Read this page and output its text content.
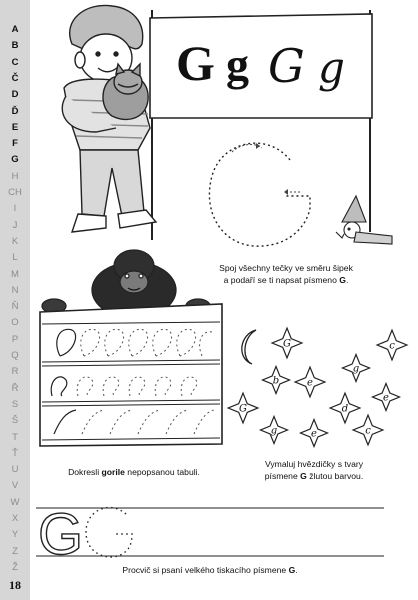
A
B
C
Č
D
Ď
E
F
G
H
CH
I
J
K
L
M
N
Ň
O
P
Q
R
Ř
S
Š
T
Ť
U
V
W
X
Y
Z
Ž
18
G g G g
G	c
b	e
g
G	d
e
c
g	e
G
Spoj všechny tečky ve směru šipek
a podaří se ti napsat písmeno G.
Dokresli gorile nepopsanou tabuli.
Vymaluj hvězdičky s tvary
písmene G žlutou barvou.
Procvič si psaní velkého tiskacího písmene G.
